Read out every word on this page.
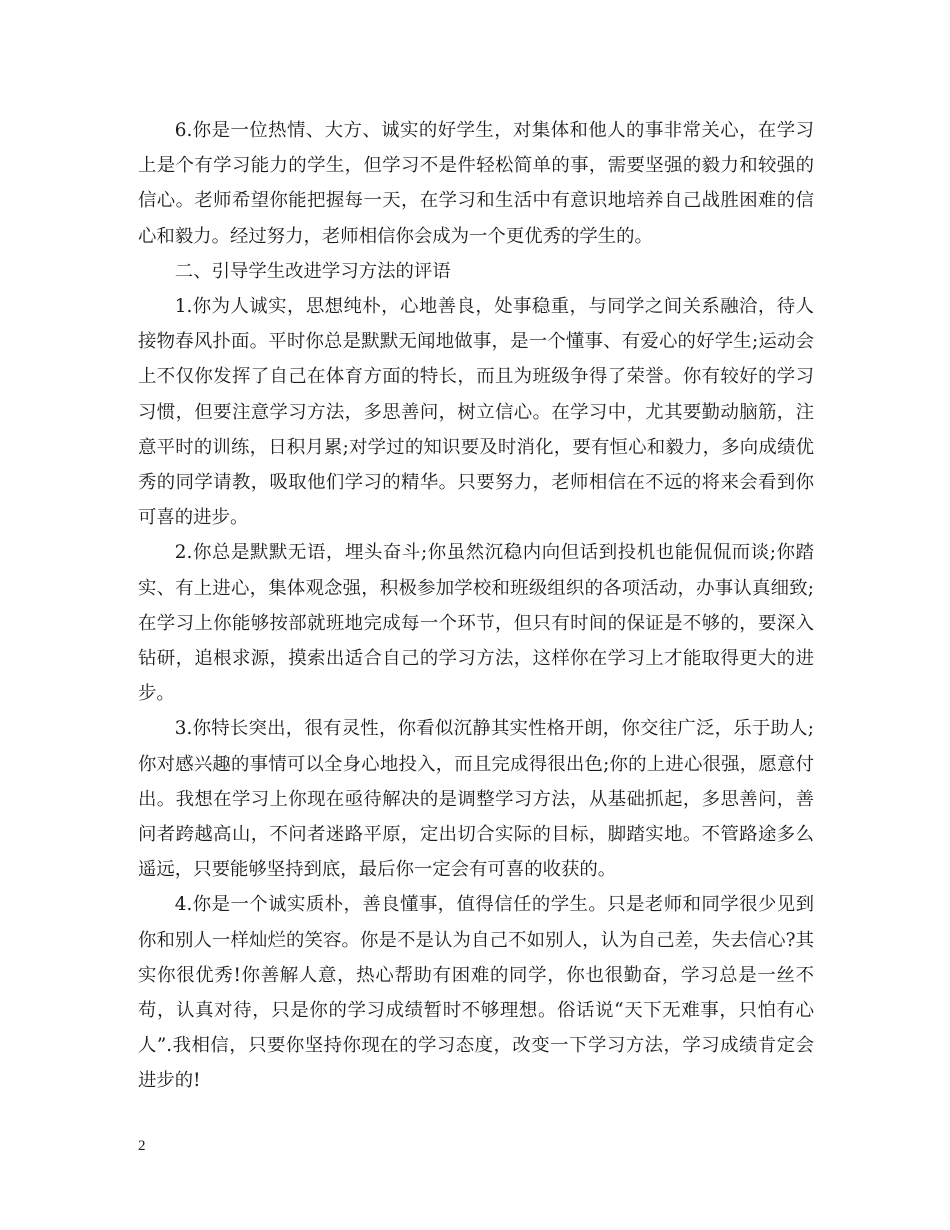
6.你是一位热情、大方、诚实的好学生，对集体和他人的事非常关心，在学习上是个有学习能力的学生，但学习不是件轻松简单的事，需要坚强的毅力和较强的信心。老师希望你能把握每一天，在学习和生活中有意识地培养自己战胜困难的信心和毅力。经过努力，老师相信你会成为一个更优秀的学生的。

二、引导学生改进学习方法的评语

1.你为人诚实，思想纯朴，心地善良，处事稳重，与同学之间关系融洽，待人接物春风扑面。平时你总是默默无闻地做事，是一个懂事、有爱心的好学生;运动会上不仅你发挥了自己在体育方面的特长，而且为班级争得了荣誉。你有较好的学习习惯，但要注意学习方法，多思善问，树立信心。在学习中，尤其要勤动脑筋，注意平时的训练，日积月累;对学过的知识要及时消化，要有恒心和毅力，多向成绩优秀的同学请教，吸取他们学习的精华。只要努力，老师相信在不远的将来会看到你可喜的进步。

2.你总是默默无语，埋头奋斗;你虽然沉稳内向但话到投机也能侃侃而谈;你踏实、有上进心，集体观念强，积极参加学校和班级组织的各项活动，办事认真细致;在学习上你能够按部就班地完成每一个环节，但只有时间的保证是不够的，要深入钻研，追根求源，摸索出适合自己的学习方法，这样你在学习上才能取得更大的进步。

3.你特长突出，很有灵性，你看似沉静其实性格开朗，你交往广泛，乐于助人;你对感兴趣的事情可以全身心地投入，而且完成得很出色;你的上进心很强，愿意付出。我想在学习上你现在亟待解决的是调整学习方法，从基础抓起，多思善问，善问者跨越高山，不问者迷路平原，定出切合实际的目标，脚踏实地。不管路途多么遥远，只要能够坚持到底，最后你一定会有可喜的收获的。

4.你是一个诚实质朴，善良懂事，值得信任的学生。只是老师和同学很少见到你和别人一样灿烂的笑容。你是不是认为自己不如别人，认为自己差，失去信心?其实你很优秀!你善解人意，热心帮助有困难的同学，你也很勤奋，学习总是一丝不苟，认真对待，只是你的学习成绩暂时不够理想。俗话说“天下无难事，只怕有心人”.我相信，只要你坚持你现在的学习态度，改变一下学习方法，学习成绩肯定会进步的!

2
